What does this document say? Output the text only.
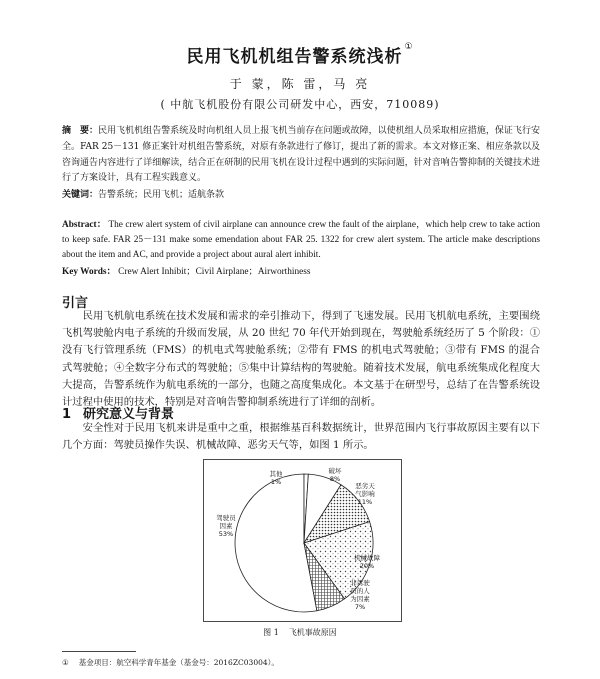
民用飞机机组告警系统浅析 ①
于 蒙，陈 雷，马 亮
( 中航飞机股份有限公司研发中心，西安，710089)
摘　要：民用飞机机组告警系统及时向机组人员上报飞机当前存在问题或故障，以使机组人员采取相应措施，保证飞行安全。FAR 25－131 修正案针对机组告警系统，对原有条款进行了修订，提出了新的需求。本文对修正案、相应条款以及咨询通告内容进行了详细解读，结合正在研制的民用飞机在设计过程中遇到的实际问题，针对音响告警抑制的关键技术进行了方案设计，具有工程实践意义。
关键词：告警系统；民用飞机；适航条款
Abstract： The crew alert system of civil airplane can announce crew the fault of the airplane，which help crew to take action to keep safe. FAR 25－131 make some emendation about FAR 25. 1322 for crew alert system. The article make descriptions about the item and AC, and provide a project about aural alert inhibit.
Key Words： Crew Alert Inhibit；Civil Airplane；Airworthiness
引言
民用飞机航电系统在技术发展和需求的牵引推动下，得到了飞速发展。民用飞机航电系统，主要围绕飞机驾驶舱内电子系统的升级而发展，从 20 世纪 70 年代开始到现在，驾驶舱系统经历了 5 个阶段：①没有飞行管理系统（FMS）的机电式驾驶舱系统；②带有 FMS 的机电式驾驶舱；③带有 FMS 的混合式驾驶舱；④全数字分布式的驾驶舱；⑤集中计算结构的驾驶舱。随着技术发展，航电系统集成化程度大大提高，告警系统作为航电系统的一部分，也随之高度集成化。本文基于在研型号，总结了在告警系统设计过程中使用的技术，特别是对音响告警抑制系统进行了详细的剖析。
1 研究意义与背景
安全性对于民用飞机来讲是重中之重，根据维基百科数据统计，世界范围内飞行事故原因主要有以下几个方面：驾驶员操作失误、机械故障、恶劣天气等，如图 1 所示。
驾驶员因素 53%
其他 1%
破坏 8%
恶劣天气影响 11%
机械故障 20%
非驾驶员的人为因素 7%
图 1 飞机事故原因
① 基金项目：航空科学青年基金（基金号：2016ZC03004）。
